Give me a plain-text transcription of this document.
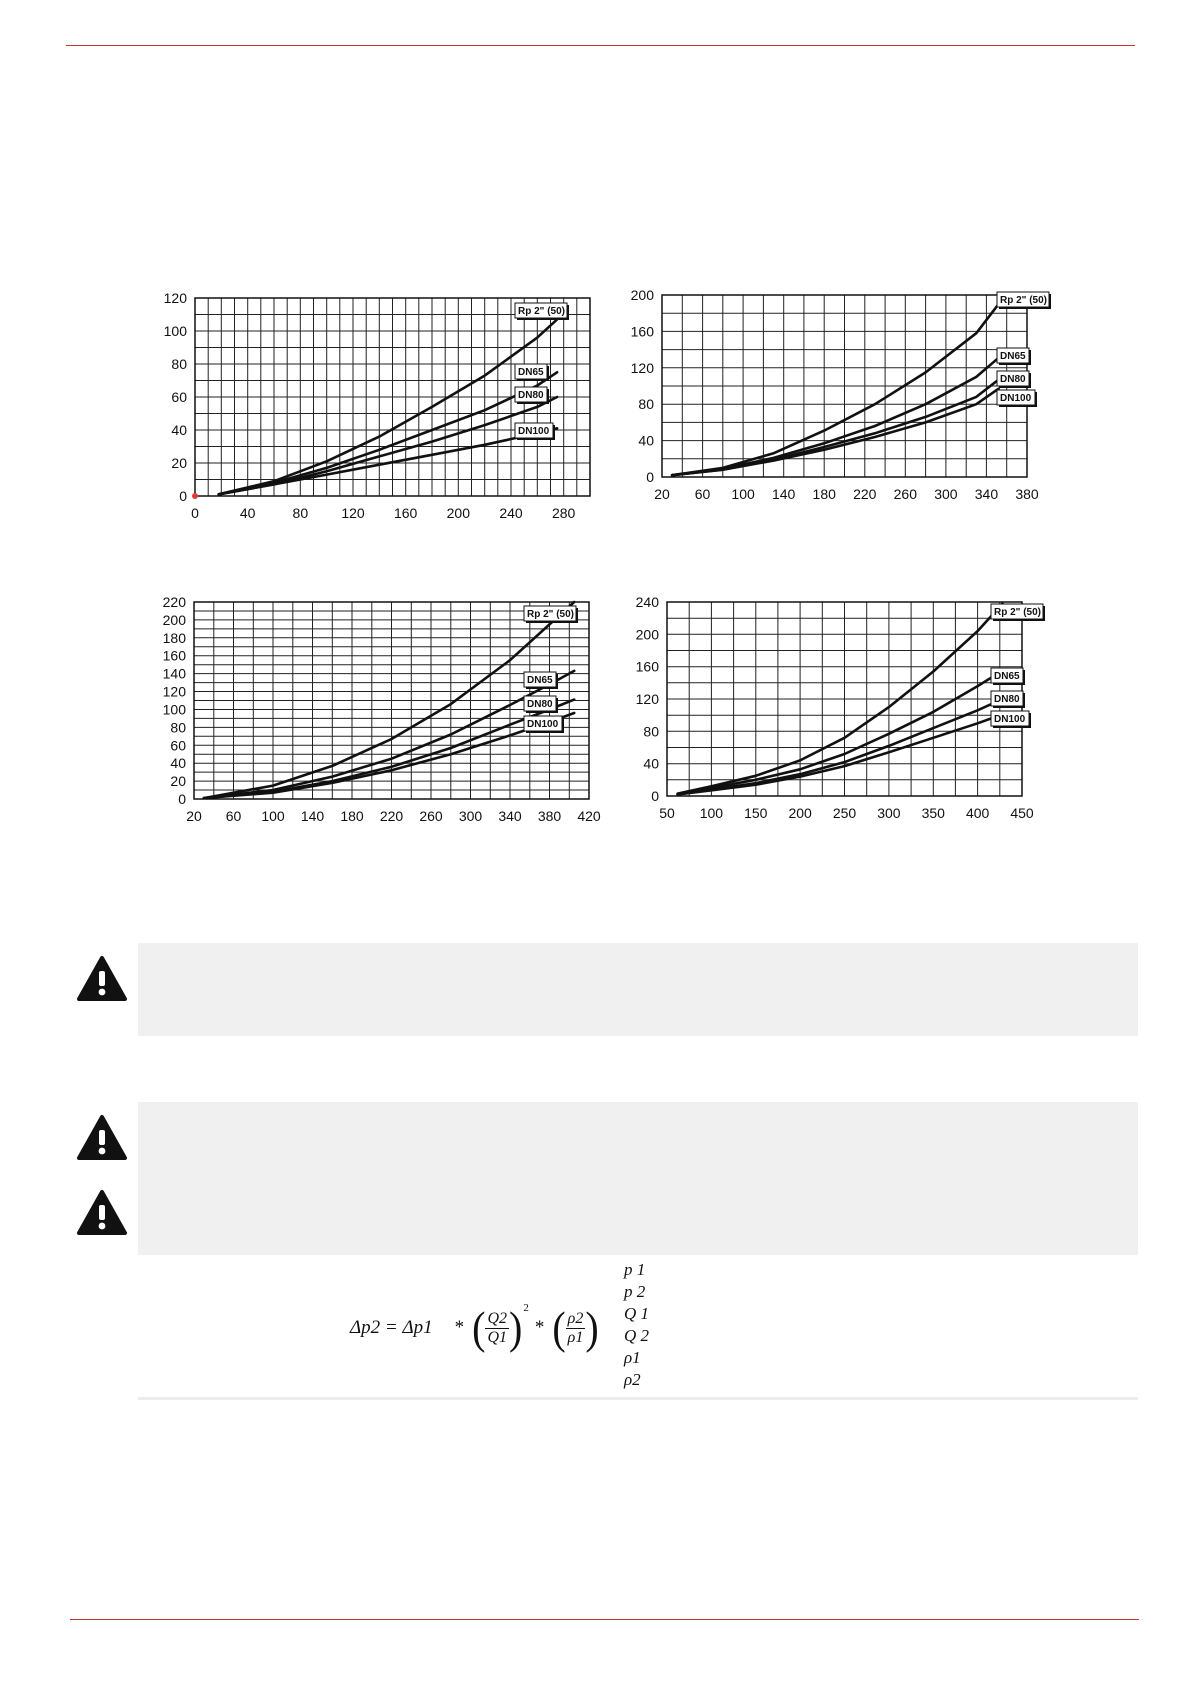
0	40	80 120 160 200 240 280
0
20
40
60
80
100
120
Rp 2" (50)
DN65
DN80
DN100
20 60 100 140 180 220 260 300 340 380
0
40
80
120
160
200	Rp 2" (50)
DN65
DN80
DN100
20 60 100 140 180 220 260 300 340 380 420
0
20
40
60
80
100
120
140
160
180
200
220
Rp 2" (50)
DN65
DN80
DN100
50 100 150 200 250 300 350 400 450
0
40
80
120
160
200
240
Rp 2" (50)
DN65
DN80
DN100
Δp2 = Δp1 * ( $\frac{Q2}{Q1}$ ) 2
* ( $\frac{\rho 2}{\rho 1}$ )
p 1
p 2
Q 1
Q 2
ρ1
ρ2
